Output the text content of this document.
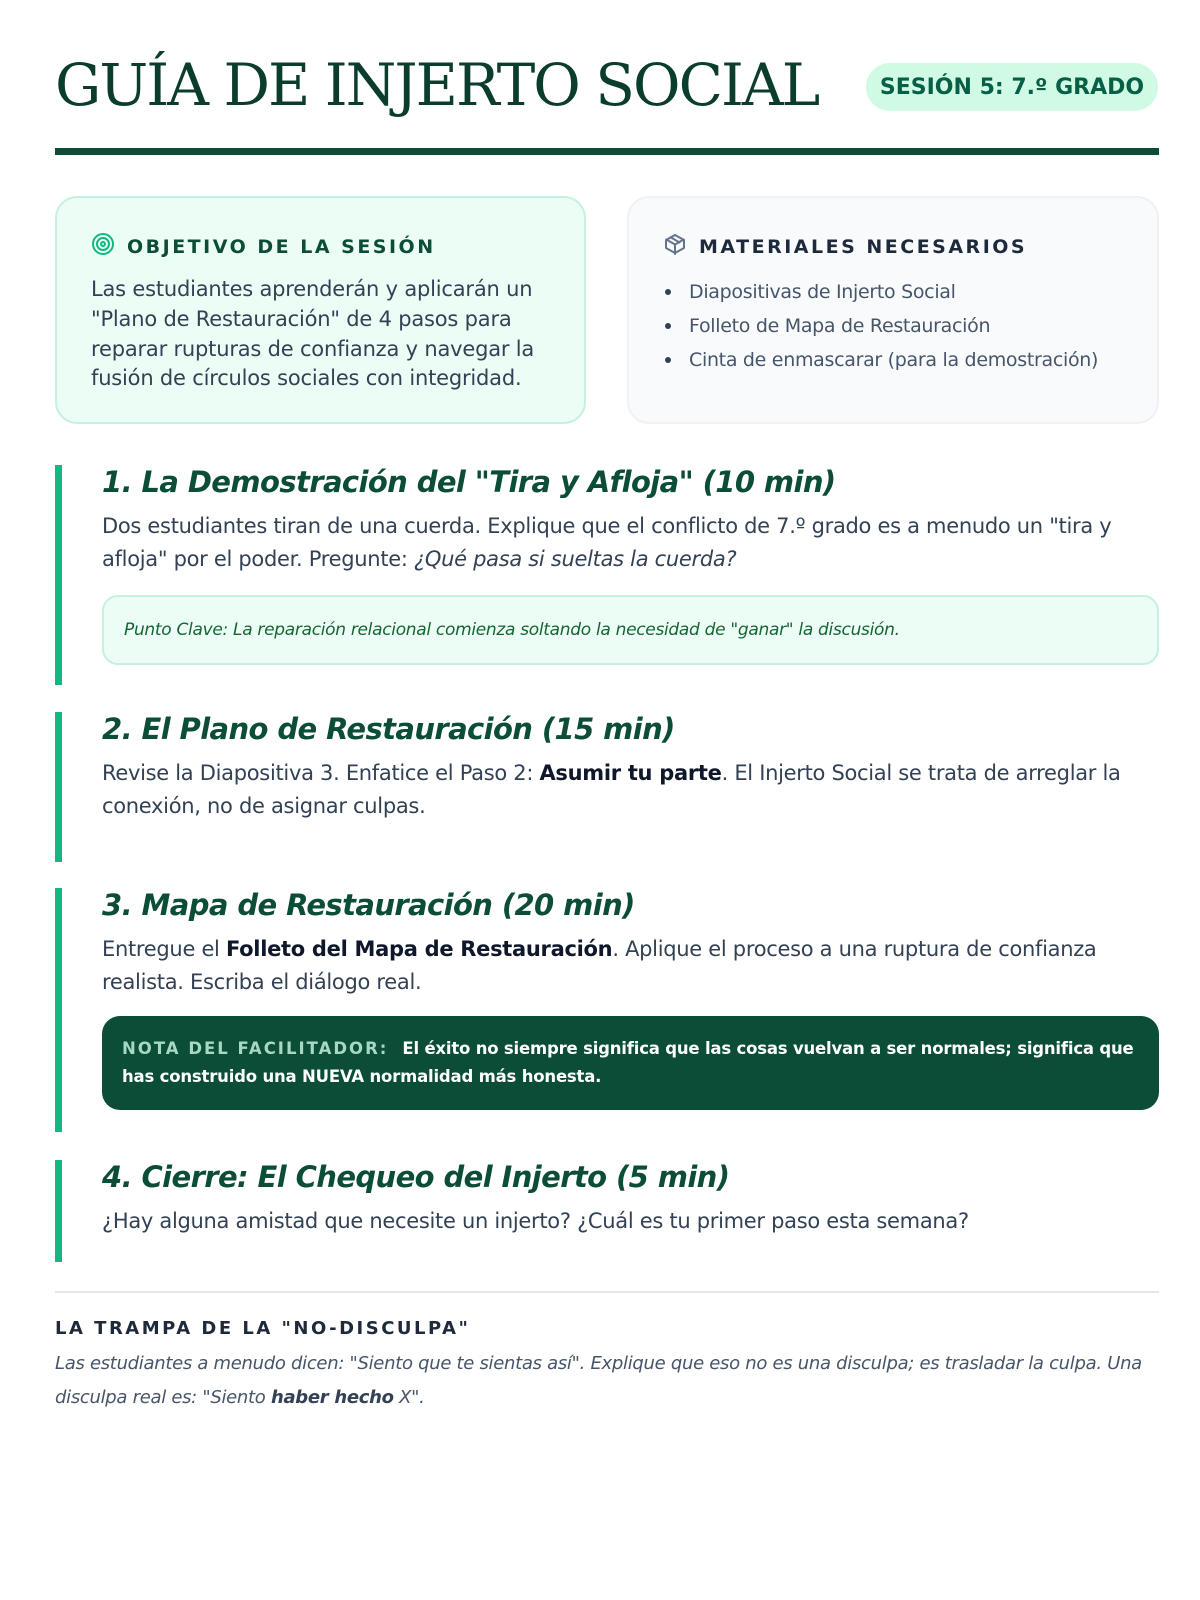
GUÍA DE INJERTO SOCIAL	SESIÓN 5: 7.º GRADO
OBJETIVO DE LA SESIÓN

Las estudiantes aprenderán y aplicarán un "Plano de Restauración" de 4 pasos para reparar rupturas de confianza y navegar la fusión de círculos sociales con integridad.

MATERIALES NECESARIOS
Diapositivas de Injerto Social
Folleto de Mapa de Restauración
Cinta de enmascarar (para la demostración)
1. La Demostración del "Tira y Afloja" (10 min)

Dos estudiantes tiran de una cuerda. Explique que el conflicto de 7.º grado es a menudo un "tira y afloja" por el poder. Pregunte: ¿Qué pasa si sueltas la cuerda?

Punto Clave: La reparación relacional comienza soltando la necesidad de "ganar" la discusión.
2. El Plano de Restauración (15 min)

Revise la Diapositiva 3. Enfatice el Paso 2: Asumir tu parte. El Injerto Social se trata de arreglar la conexión, no de asignar culpas.

3. Mapa de Restauración (20 min)

Entregue el Folleto del Mapa de Restauración. Aplique el proceso a una ruptura de confianza realista. Escriba el diálogo real.

NOTA DEL FACILITADOR: El éxito no siempre significa que las cosas vuelvan a ser normales; significa que has construido una NUEVA normalidad más honesta.
4. Cierre: El Chequeo del Injerto (5 min)

¿Hay alguna amistad que necesite un injerto? ¿Cuál es tu primer paso esta semana?

LA TRAMPA DE LA "NO-DISCULPA"

Las estudiantes a menudo dicen: "Siento que te sientas así". Explique que eso no es una disculpa; es trasladar la culpa. Una disculpa real es: "Siento haber hecho X".
